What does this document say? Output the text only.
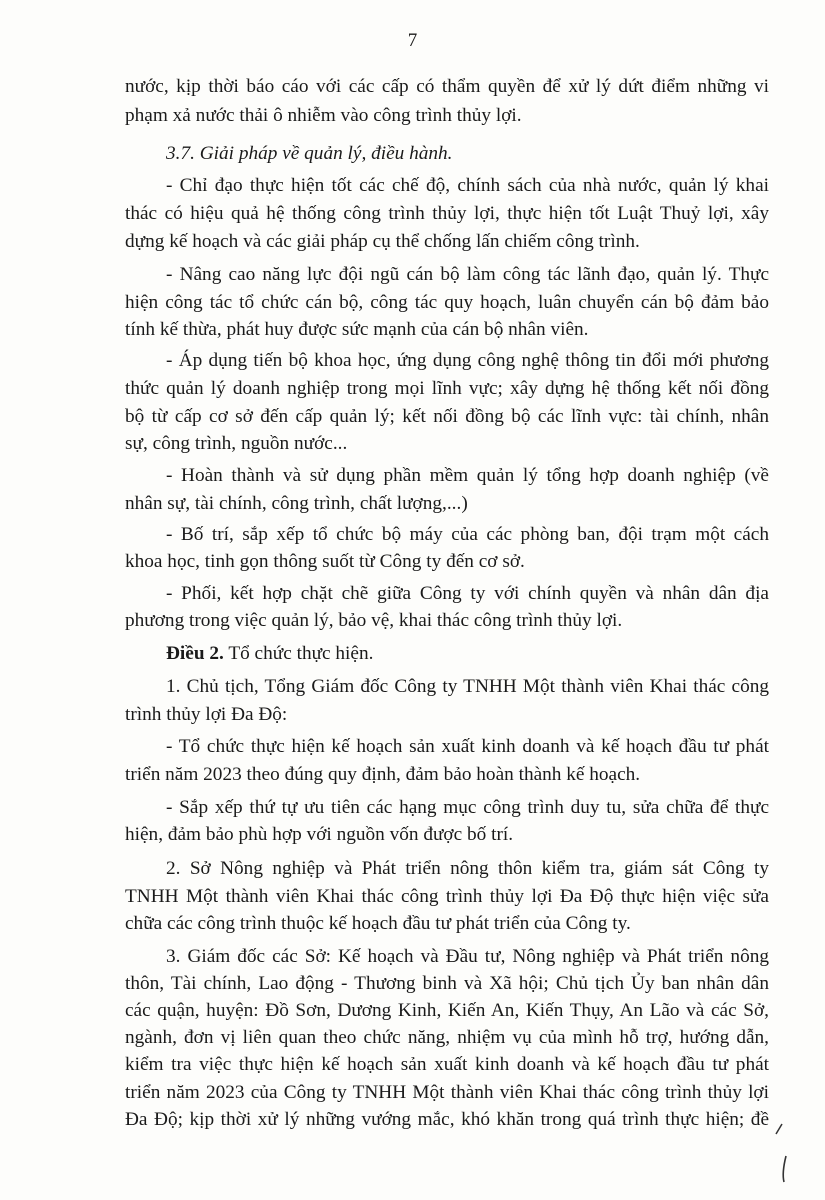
7
nước, kịp thời báo cáo với các cấp có thẩm quyền để xử lý dứt điểm những vi
phạm xả nước thải ô nhiễm vào công trình thủy lợi.
3.7. Giải pháp về quản lý, điều hành.
- Chỉ đạo thực hiện tốt các chế độ, chính sách của nhà nước, quản lý khai
thác có hiệu quả hệ thống công trình thủy lợi, thực hiện tốt Luật Thuỷ lợi, xây
dựng kế hoạch và các giải pháp cụ thể chống lấn chiếm công trình.
- Nâng cao năng lực đội ngũ cán bộ làm công tác lãnh đạo, quản lý. Thực
hiện công tác tổ chức cán bộ, công tác quy hoạch, luân chuyển cán bộ đảm bảo
tính kế thừa, phát huy được sức mạnh của cán bộ nhân viên.
- Áp dụng tiến bộ khoa học, ứng dụng công nghệ thông tin đổi mới phương
thức quản lý doanh nghiệp trong mọi lĩnh vực; xây dựng hệ thống kết nối đồng
bộ từ cấp cơ sở đến cấp quản lý; kết nối đồng bộ các lĩnh vực: tài chính, nhân
sự, công trình, nguồn nước...
- Hoàn thành và sử dụng phần mềm quản lý tổng hợp doanh nghiệp (về
nhân sự, tài chính, công trình, chất lượng,...)
- Bố trí, sắp xếp tổ chức bộ máy của các phòng ban, đội trạm một cách
khoa học, tinh gọn thông suốt từ Công ty đến cơ sở.
- Phối, kết hợp chặt chẽ giữa Công ty với chính quyền và nhân dân địa
phương trong việc quản lý, bảo vệ, khai thác công trình thủy lợi.
Điều 2. Tổ chức thực hiện.
1. Chủ tịch, Tổng Giám đốc Công ty TNHH Một thành viên Khai thác công
trình thủy lợi Đa Độ:
- Tổ chức thực hiện kế hoạch sản xuất kinh doanh và kế hoạch đầu tư phát
triển năm 2023 theo đúng quy định, đảm bảo hoàn thành kế hoạch.
- Sắp xếp thứ tự ưu tiên các hạng mục công trình duy tu, sửa chữa để thực
hiện, đảm bảo phù hợp với nguồn vốn được bố trí.
2. Sở Nông nghiệp và Phát triển nông thôn kiểm tra, giám sát Công ty
TNHH Một thành viên Khai thác công trình thủy lợi Đa Độ thực hiện việc sửa
chữa các công trình thuộc kế hoạch đầu tư phát triển của Công ty.
3. Giám đốc các Sở: Kế hoạch và Đầu tư, Nông nghiệp và Phát triển nông
thôn, Tài chính, Lao động - Thương binh và Xã hội; Chủ tịch Ủy ban nhân dân
các quận, huyện: Đồ Sơn, Dương Kinh, Kiến An, Kiến Thụy, An Lão và các Sở,
ngành, đơn vị liên quan theo chức năng, nhiệm vụ của mình hỗ trợ, hướng dẫn,
kiểm tra việc thực hiện kế hoạch sản xuất kinh doanh và kế hoạch đầu tư phát
triển năm 2023 của Công ty TNHH Một thành viên Khai thác công trình thủy lợi
Đa Độ; kịp thời xử lý những vướng mắc, khó khăn trong quá trình thực hiện; đề
